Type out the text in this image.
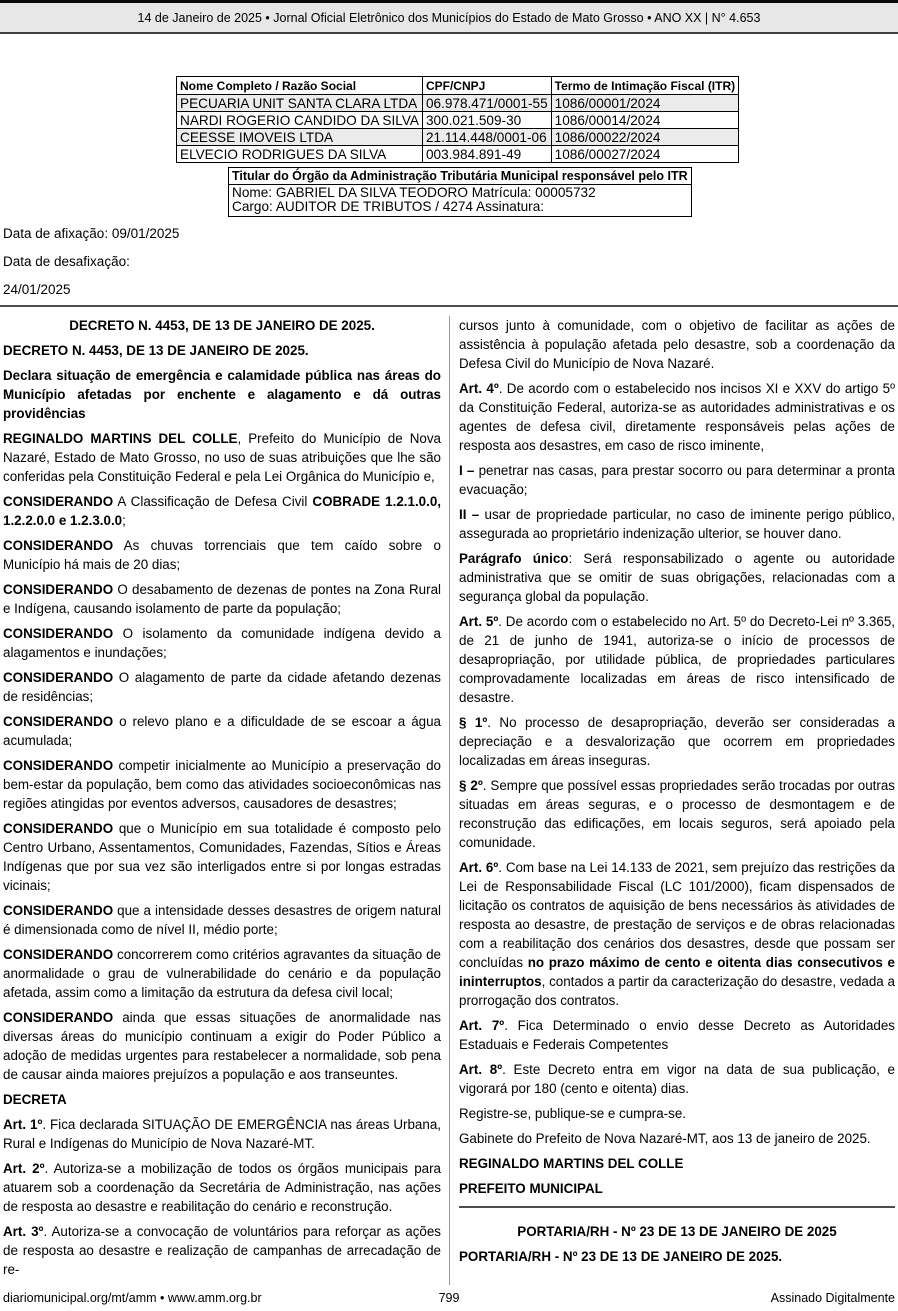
14 de Janeiro de 2025 • Jornal Oficial Eletrônico dos Municípios do Estado de Mato Grosso • ANO XX | N° 4.653
Nome Completo / Razão Social	CPF/CNPJ	Termo de Intimação Fiscal (ITR)
PECUARIA UNIT SANTA CLARA LTDA	06.978.471/0001-55	1086/00001/2024
NARDI ROGERIO CANDIDO DA SILVA	300.021.509-30	1086/00014/2024
CEESSE IMOVEIS LTDA	21.114.448/0001-06	1086/00022/2024
ELVECIO RODRIGUES DA SILVA	003.984.891-49	1086/00027/2024
Titular do Órgão da Administração Tributária Municipal responsável pelo ITR

Nome: GABRIEL DA SILVA TEODORO Matrícula: 00005732
Cargo: AUDITOR DE TRIBUTOS / 4274 Assinatura:

Data de afixação: 09/01/2025

Data de desafixação:

24/01/2025

DECRETO N. 4453, DE 13 DE JANEIRO DE 2025.

DECRETO N. 4453, DE 13 DE JANEIRO DE 2025.

Declara situação de emergência e calamidade pública nas áreas do Município afetadas por enchente e alagamento e dá outras providências

REGINALDO MARTINS DEL COLLE, Prefeito do Município de Nova Nazaré, Estado de Mato Grosso, no uso de suas atribuições que lhe são conferidas pela Constituição Federal e pela Lei Orgânica do Município e,

CONSIDERANDO A Classificação de Defesa Civil COBRADE 1.2.1.0.0, 1.2.2.0.0 e 1.2.3.0.0;

CONSIDERANDO As chuvas torrenciais que tem caído sobre o Município há mais de 20 dias;

CONSIDERANDO O desabamento de dezenas de pontes na Zona Rural e Indígena, causando isolamento de parte da população;

CONSIDERANDO O isolamento da comunidade indígena devido a alagamentos e inundações;

CONSIDERANDO O alagamento de parte da cidade afetando dezenas de residências;

CONSIDERANDO o relevo plano e a dificuldade de se escoar a água acumulada;

CONSIDERANDO competir inicialmente ao Município a preservação do bem-estar da população, bem como das atividades socioeconômicas nas regiões atingidas por eventos adversos, causadores de desastres;

CONSIDERANDO que o Município em sua totalidade é composto pelo Centro Urbano, Assentamentos, Comunidades, Fazendas, Sítios e Áreas Indígenas que por sua vez são interligados entre si por longas estradas vicinais;

CONSIDERANDO que a intensidade desses desastres de origem natural é dimensionada como de nível II, médio porte;

CONSIDERANDO concorrerem como critérios agravantes da situação de anormalidade o grau de vulnerabilidade do cenário e da população afetada, assim como a limitação da estrutura da defesa civil local;

CONSIDERANDO ainda que essas situações de anormalidade nas diversas áreas do município continuam a exigir do Poder Público a adoção de medidas urgentes para restabelecer a normalidade, sob pena de causar ainda maiores prejuízos a população e aos transeuntes.

DECRETA

Art. 1º. Fica declarada SITUAÇÃO DE EMERGÊNCIA nas áreas Urbana, Rural e Indígenas do Município de Nova Nazaré-MT.

Art. 2º. Autoriza-se a mobilização de todos os órgãos municipais para atuarem sob a coordenação da Secretária de Administração, nas ações de resposta ao desastre e reabilitação do cenário e reconstrução.

Art. 3º. Autoriza-se a convocação de voluntários para reforçar as ações de resposta ao desastre e realização de campanhas de arrecadação de re-

cursos junto à comunidade, com o objetivo de facilitar as ações de assistência à população afetada pelo desastre, sob a coordenação da Defesa Civil do Município de Nova Nazaré.

Art. 4º. De acordo com o estabelecido nos incisos XI e XXV do artigo 5º da Constituição Federal, autoriza-se as autoridades administrativas e os agentes de defesa civil, diretamente responsáveis pelas ações de resposta aos desastres, em caso de risco iminente,

I – penetrar nas casas, para prestar socorro ou para determinar a pronta evacuação;

II – usar de propriedade particular, no caso de iminente perigo público, assegurada ao proprietário indenização ulterior, se houver dano.

Parágrafo único: Será responsabilizado o agente ou autoridade administrativa que se omitir de suas obrigações, relacionadas com a segurança global da população.

Art. 5º. De acordo com o estabelecido no Art. 5º do Decreto-Lei nº 3.365, de 21 de junho de 1941, autoriza-se o início de processos de desapropriação, por utilidade pública, de propriedades particulares comprovadamente localizadas em áreas de risco intensificado de desastre.

§ 1º. No processo de desapropriação, deverão ser consideradas a depreciação e a desvalorização que ocorrem em propriedades localizadas em áreas inseguras.

§ 2º. Sempre que possível essas propriedades serão trocadas por outras situadas em áreas seguras, e o processo de desmontagem e de reconstrução das edificações, em locais seguros, será apoiado pela comunidade.

Art. 6º. Com base na Lei 14.133 de 2021, sem prejuízo das restrições da Lei de Responsabilidade Fiscal (LC 101/2000), ficam dispensados de licitação os contratos de aquisição de bens necessários às atividades de resposta ao desastre, de prestação de serviços e de obras relacionadas com a reabilitação dos cenários dos desastres, desde que possam ser concluídas no prazo máximo de cento e oitenta dias consecutivos e ininterruptos, contados a partir da caracterização do desastre, vedada a prorrogação dos contratos.

Art. 7º. Fica Determinado o envio desse Decreto as Autoridades Estaduais e Federais Competentes

Art. 8º. Este Decreto entra em vigor na data de sua publicação, e vigorará por 180 (cento e oitenta) dias.

Registre-se, publique-se e cumpra-se.

Gabinete do Prefeito de Nova Nazaré-MT, aos 13 de janeiro de 2025.

REGINALDO MARTINS DEL COLLE

PREFEITO MUNICIPAL

PORTARIA/RH - Nº 23 DE 13 DE JANEIRO DE 2025

PORTARIA/RH - Nº 23 DE 13 DE JANEIRO DE 2025.

diariomunicipal.org/mt/amm • www.amm.org.br	799	Assinado Digitalmente
